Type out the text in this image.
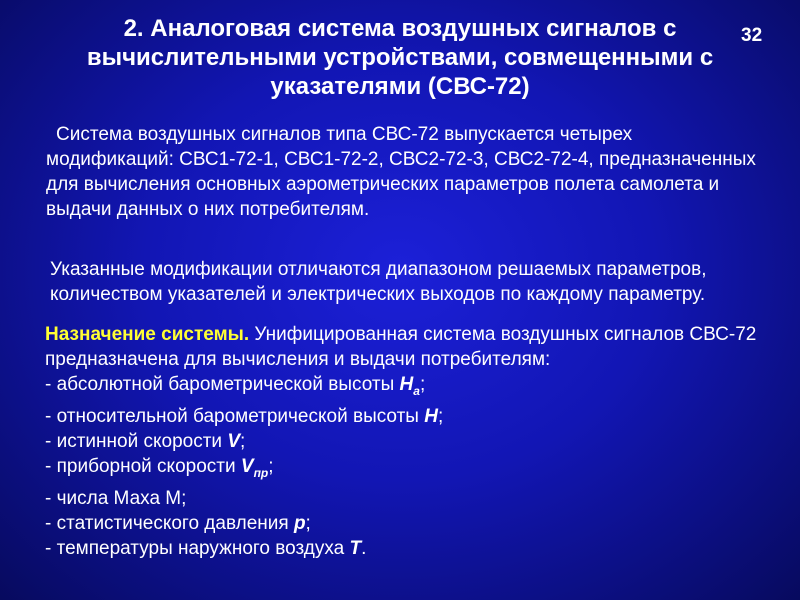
2. Аналоговая система воздушных сигналов с вычислительными устройствами, совмещенными с указателями (СВС-72)
32

Система воздушных сигналов типа СВС-72 выпускается четырех
модификаций: СВС1-72-1, СВС1-72-2, СВС2-72-3, СВС2-72-4, предназначенных для вычисления основных аэрометрических параметров полета самолета и выдачи данных о них потребителям.

Указанные модификации отличаются диапазоном решаемых параметров, количеством указателей и электрических выходов по каждому параметру.

Назначение системы. Унифицированная система воздушных сигналов СВС-72 предназначена для вычисления и выдачи потребителям:
- абсолютной барометрической высоты $H_a$;
- относительной барометрической высоты H;
- истинной скорости V;
- приборной скорости $V_{пр}$;
- числа Маха М;
- статистического давления p;
- температуры наружного воздуха T.
